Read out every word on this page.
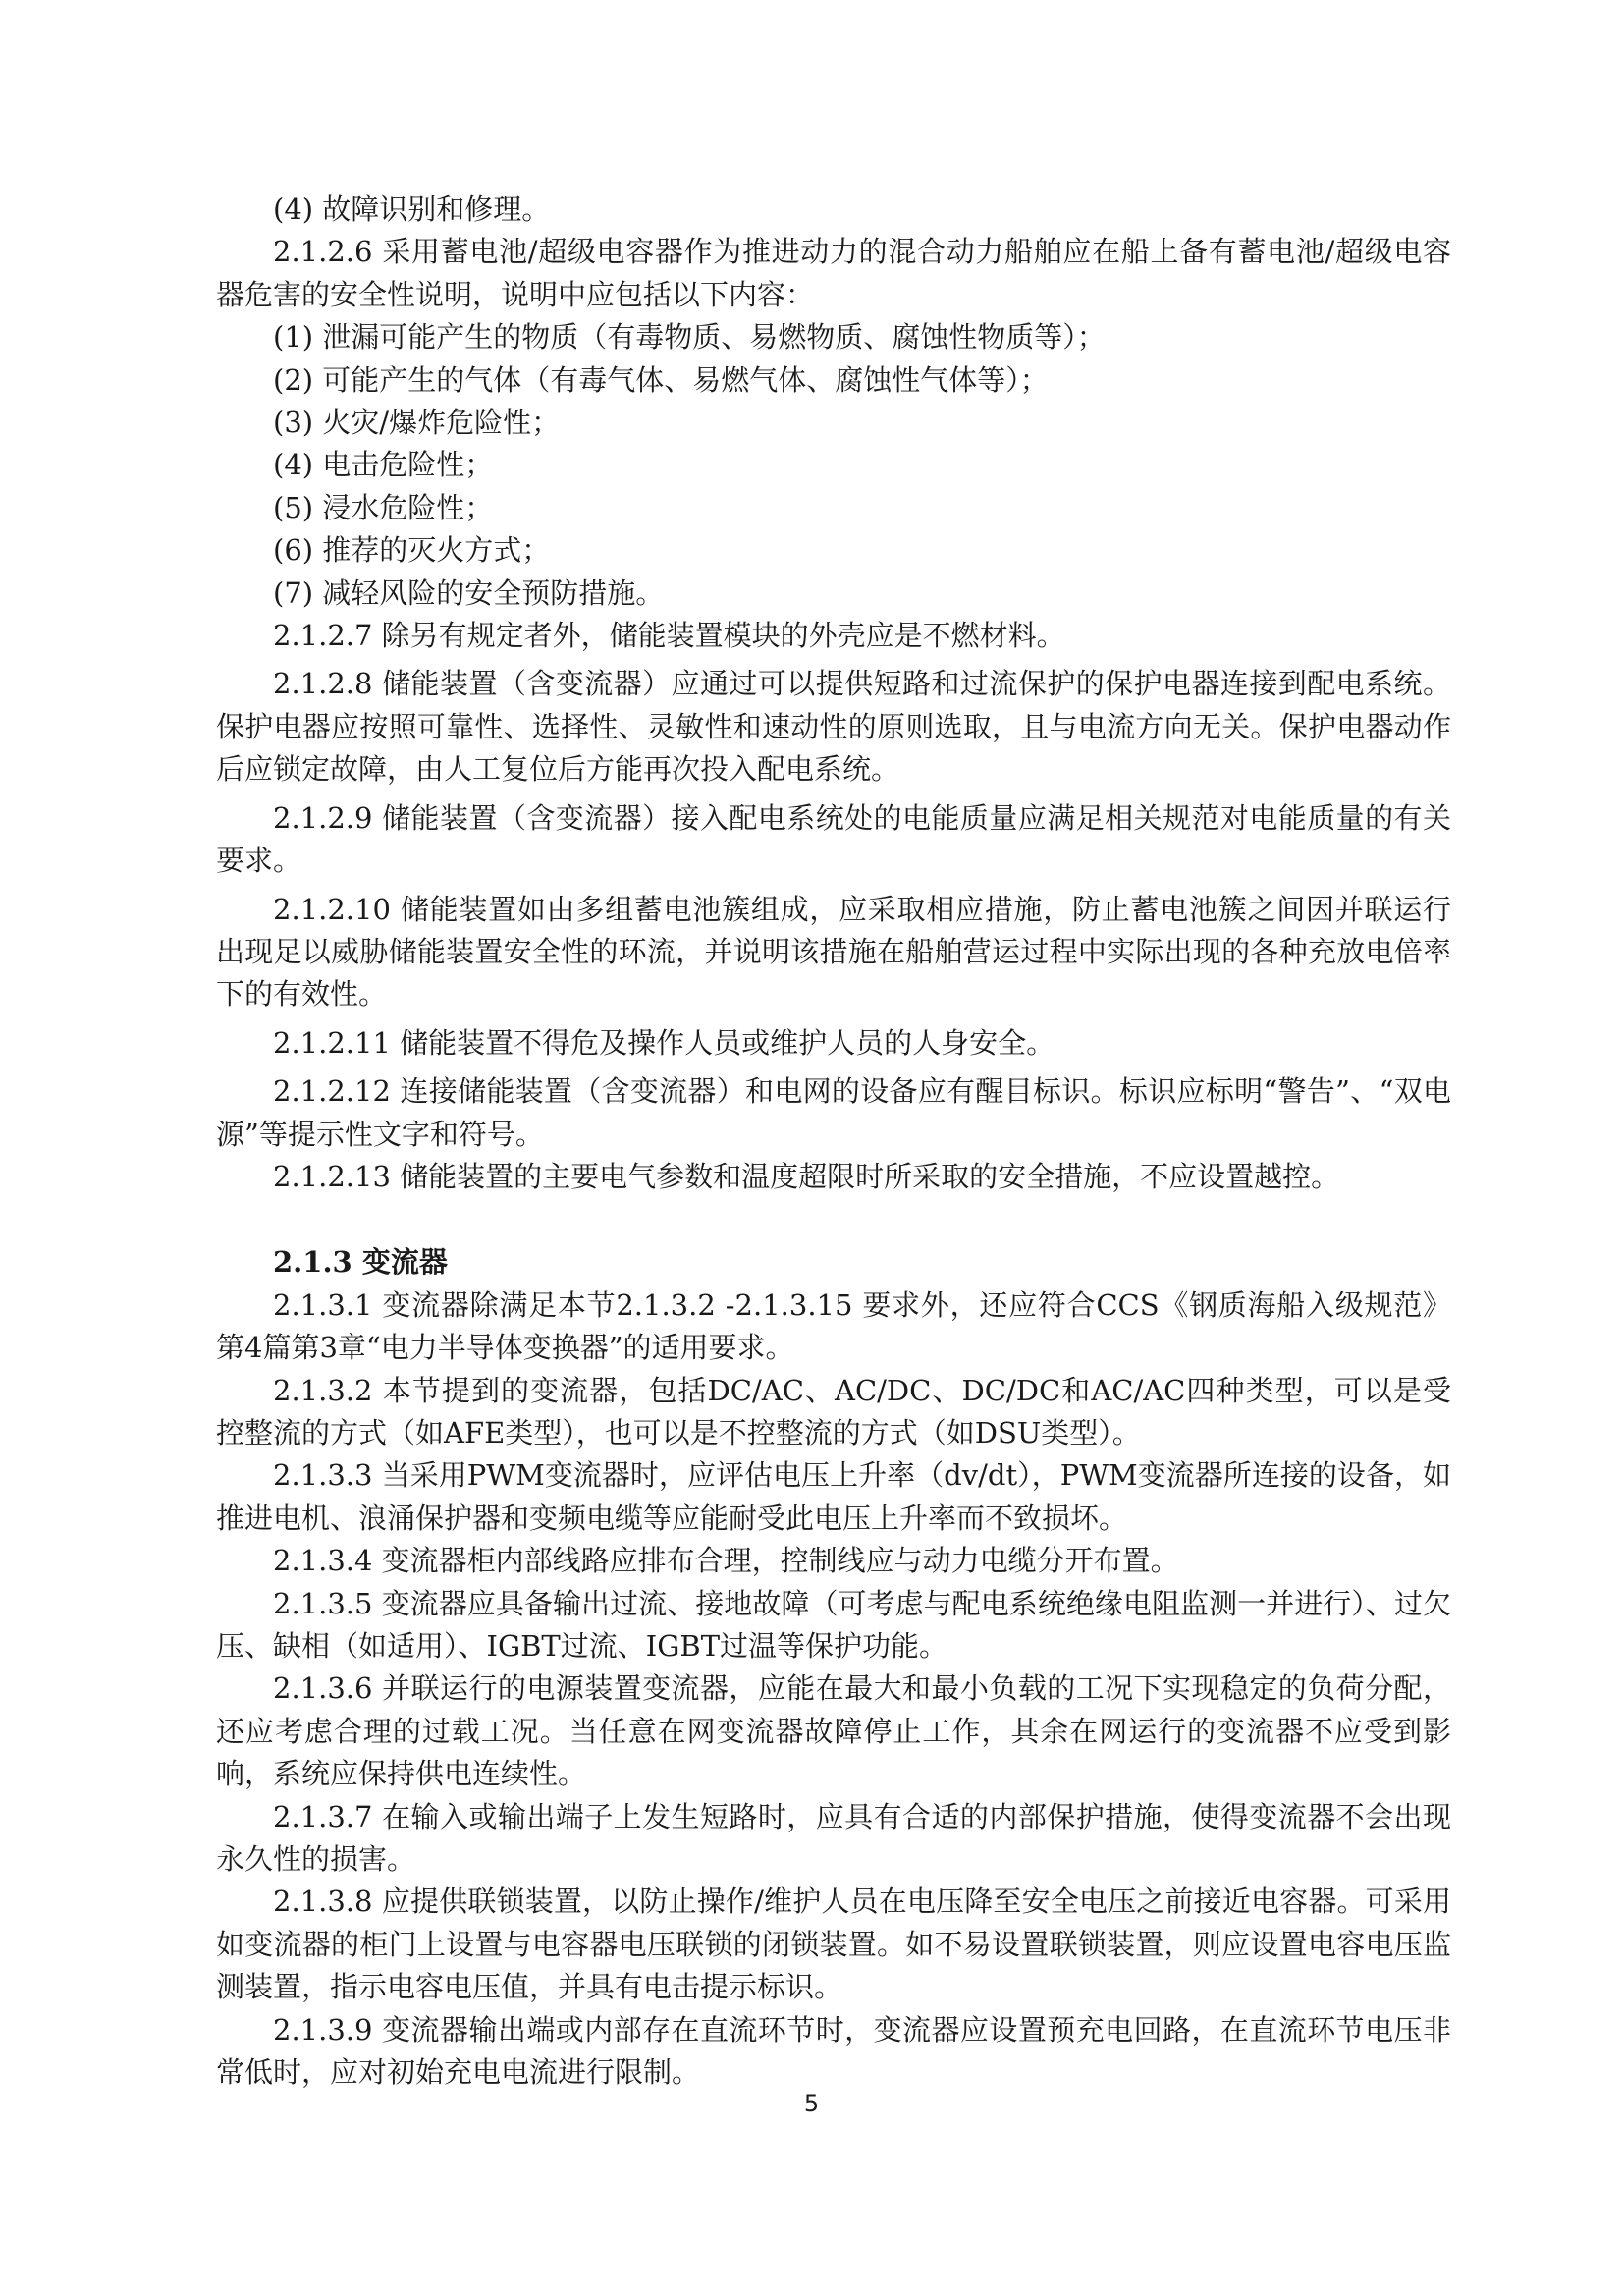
(4) 故障识别和修理。

2.1.2.6 采用蓄电池/超级电容器作为推进动力的混合动力船舶应在船上备有蓄电池/超级电容器危害的安全性说明，说明中应包括以下内容：

(1) 泄漏可能产生的物质（有毒物质、易燃物质、腐蚀性物质等）；

(2) 可能产生的气体（有毒气体、易燃气体、腐蚀性气体等）；

(3) 火灾/爆炸危险性；

(4) 电击危险性；

(5) 浸水危险性；

(6) 推荐的灭火方式；

(7) 减轻风险的安全预防措施。

2.1.2.7 除另有规定者外，储能装置模块的外壳应是不燃材料。

2.1.2.8 储能装置（含变流器）应通过可以提供短路和过流保护的保护电器连接到配电系统。保护电器应按照可靠性、选择性、灵敏性和速动性的原则选取，且与电流方向无关。保护电器动作后应锁定故障，由人工复位后方能再次投入配电系统。

2.1.2.9 储能装置（含变流器）接入配电系统处的电能质量应满足相关规范对电能质量的有关要求。

2.1.2.10 储能装置如由多组蓄电池簇组成，应采取相应措施，防止蓄电池簇之间因并联运行出现足以威胁储能装置安全性的环流，并说明该措施在船舶营运过程中实际出现的各种充放电倍率下的有效性。

2.1.2.11 储能装置不得危及操作人员或维护人员的人身安全。

2.1.2.12 连接储能装置（含变流器）和电网的设备应有醒目标识。标识应标明“警告”、“双电源”等提示性文字和符号。

2.1.2.13 储能装置的主要电气参数和温度超限时所采取的安全措施，不应设置越控。

2.1.3 变流器

2.1.3.1 变流器除满足本节2.1.3.2 -2.1.3.15 要求外，还应符合CCS《钢质海船入级规范》第4篇第3章“电力半导体变换器”的适用要求。

2.1.3.2 本节提到的变流器，包括DC/AC、AC/DC、DC/DC和AC/AC四种类型，可以是受控整流的方式（如AFE类型），也可以是不控整流的方式（如DSU类型）。

2.1.3.3 当采用PWM变流器时，应评估电压上升率（dv/dt），PWM变流器所连接的设备，如推进电机、浪涌保护器和变频电缆等应能耐受此电压上升率而不致损坏。

2.1.3.4 变流器柜内部线路应排布合理，控制线应与动力电缆分开布置。

2.1.3.5 变流器应具备输出过流、接地故障（可考虑与配电系统绝缘电阻监测一并进行）、过欠压、缺相（如适用）、IGBT过流、IGBT过温等保护功能。

2.1.3.6 并联运行的电源装置变流器，应能在最大和最小负载的工况下实现稳定的负荷分配，还应考虑合理的过载工况。当任意在网变流器故障停止工作，其余在网运行的变流器不应受到影响，系统应保持供电连续性。

2.1.3.7 在输入或输出端子上发生短路时，应具有合适的内部保护措施，使得变流器不会出现永久性的损害。

2.1.3.8 应提供联锁装置，以防止操作/维护人员在电压降至安全电压之前接近电容器。可采用如变流器的柜门上设置与电容器电压联锁的闭锁装置。如不易设置联锁装置，则应设置电容电压监测装置，指示电容电压值，并具有电击提示标识。

2.1.3.9 变流器输出端或内部存在直流环节时，变流器应设置预充电回路，在直流环节电压非常低时，应对初始充电电流进行限制。

5
